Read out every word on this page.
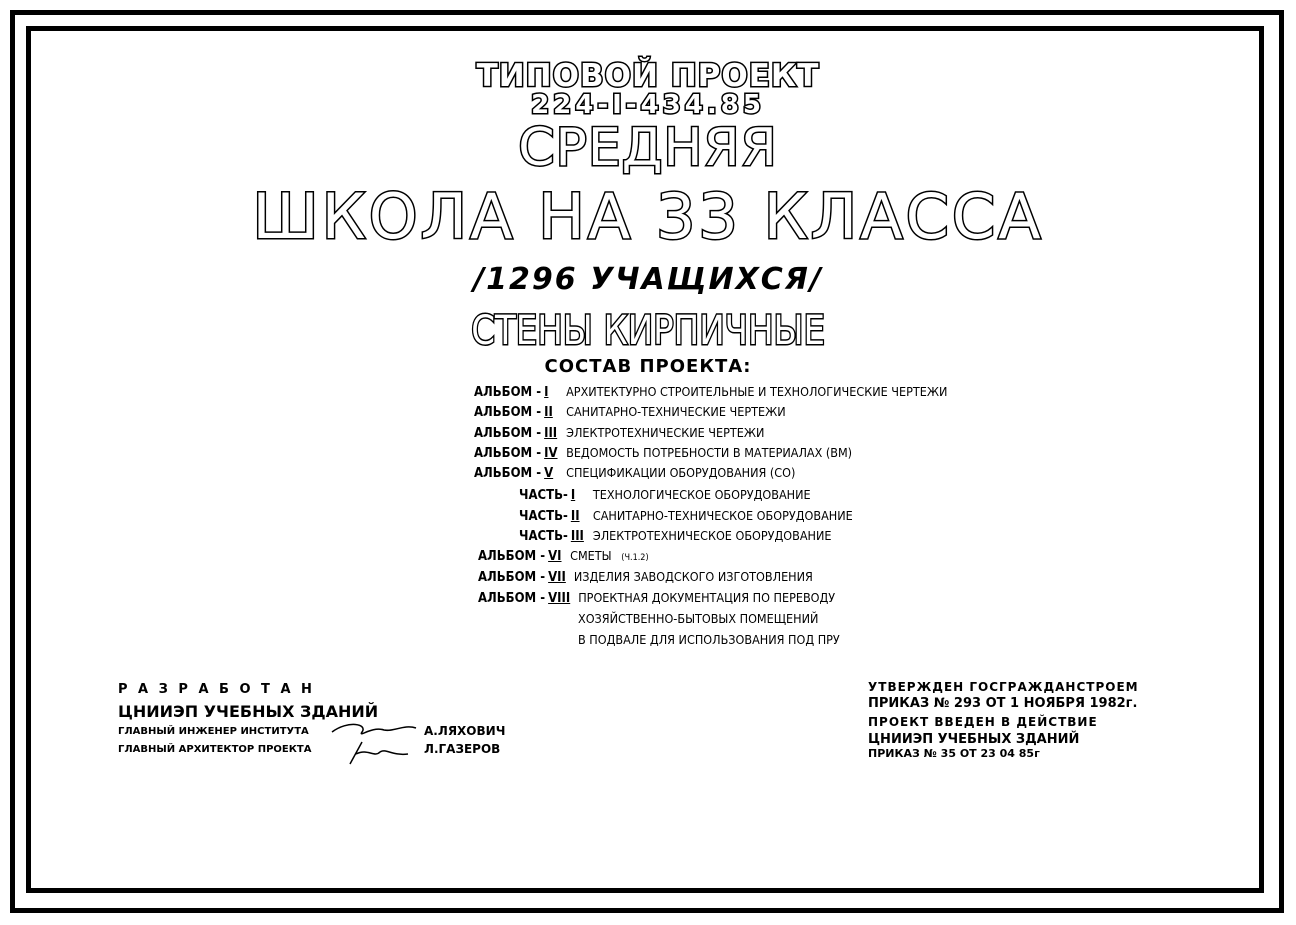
ТИПОВОЙ ПРОЕКТ
224-I-434.85
СРЕДНЯЯ
ШКОЛА НА 33 КЛАССА
/1296 УЧАЩИХСЯ/
СТЕНЫ КИРПИЧНЫЕ
СОСТАВ ПРОЕКТА:
АЛЬБОМ - I АРХИТЕКТУРНО СТРОИТЕЛЬНЫЕ И ТЕХНОЛОГИЧЕСКИЕ ЧЕРТЕЖИ
АЛЬБОМ - II САНИТАРНО-ТЕХНИЧЕСКИЕ ЧЕРТЕЖИ
АЛЬБОМ - III ЭЛЕКТРОТЕХНИЧЕСКИЕ ЧЕРТЕЖИ
АЛЬБОМ - IV ВЕДОМОСТЬ ПОТРЕБНОСТИ В МАТЕРИАЛАХ (ВМ)
АЛЬБОМ - V СПЕЦИФИКАЦИИ ОБОРУДОВАНИЯ (СО)
ЧАСТЬ- I ТЕХНОЛОГИЧЕСКОЕ ОБОРУДОВАНИЕ
ЧАСТЬ- II САНИТАРНО-ТЕХНИЧЕСКОЕ ОБОРУДОВАНИЕ
ЧАСТЬ- III ЭЛЕКТРОТЕХНИЧЕСКОЕ ОБОРУДОВАНИЕ
АЛЬБОМ - VI СМЕТЫ (Ч.1.2)
АЛЬБОМ - VII ИЗДЕЛИЯ ЗАВОДСКОГО ИЗГОТОВЛЕНИЯ
АЛЬБОМ - VIII ПРОЕКТНАЯ ДОКУМЕНТАЦИЯ ПО ПЕРЕВОДУ
ХОЗЯЙСТВЕННО-БЫТОВЫХ ПОМЕЩЕНИЙ
В ПОДВАЛЕ ДЛЯ ИСПОЛЬЗОВАНИЯ ПОД ПРУ
Р А З Р А Б О Т А Н
ЦНИИЭП УЧЕБНЫХ ЗДАНИЙ
ГЛАВНЫЙ ИНЖЕНЕР ИНСТИТУТА	А.ЛЯХОВИЧ
ГЛАВНЫЙ АРХИТЕКТОР ПРОЕКТА	Л.ГАЗЕРОВ
УТВЕРЖДЕН ГОСГРАЖДАНСТРОЕМ
ПРИКАЗ № 293 ОТ 1 НОЯБРЯ 1982г.
ПРОЕКТ ВВЕДЕН В ДЕЙСТВИЕ
ЦНИИЭП УЧЕБНЫХ ЗДАНИЙ
ПРИКАЗ № 35 ОТ 23 04 85г
